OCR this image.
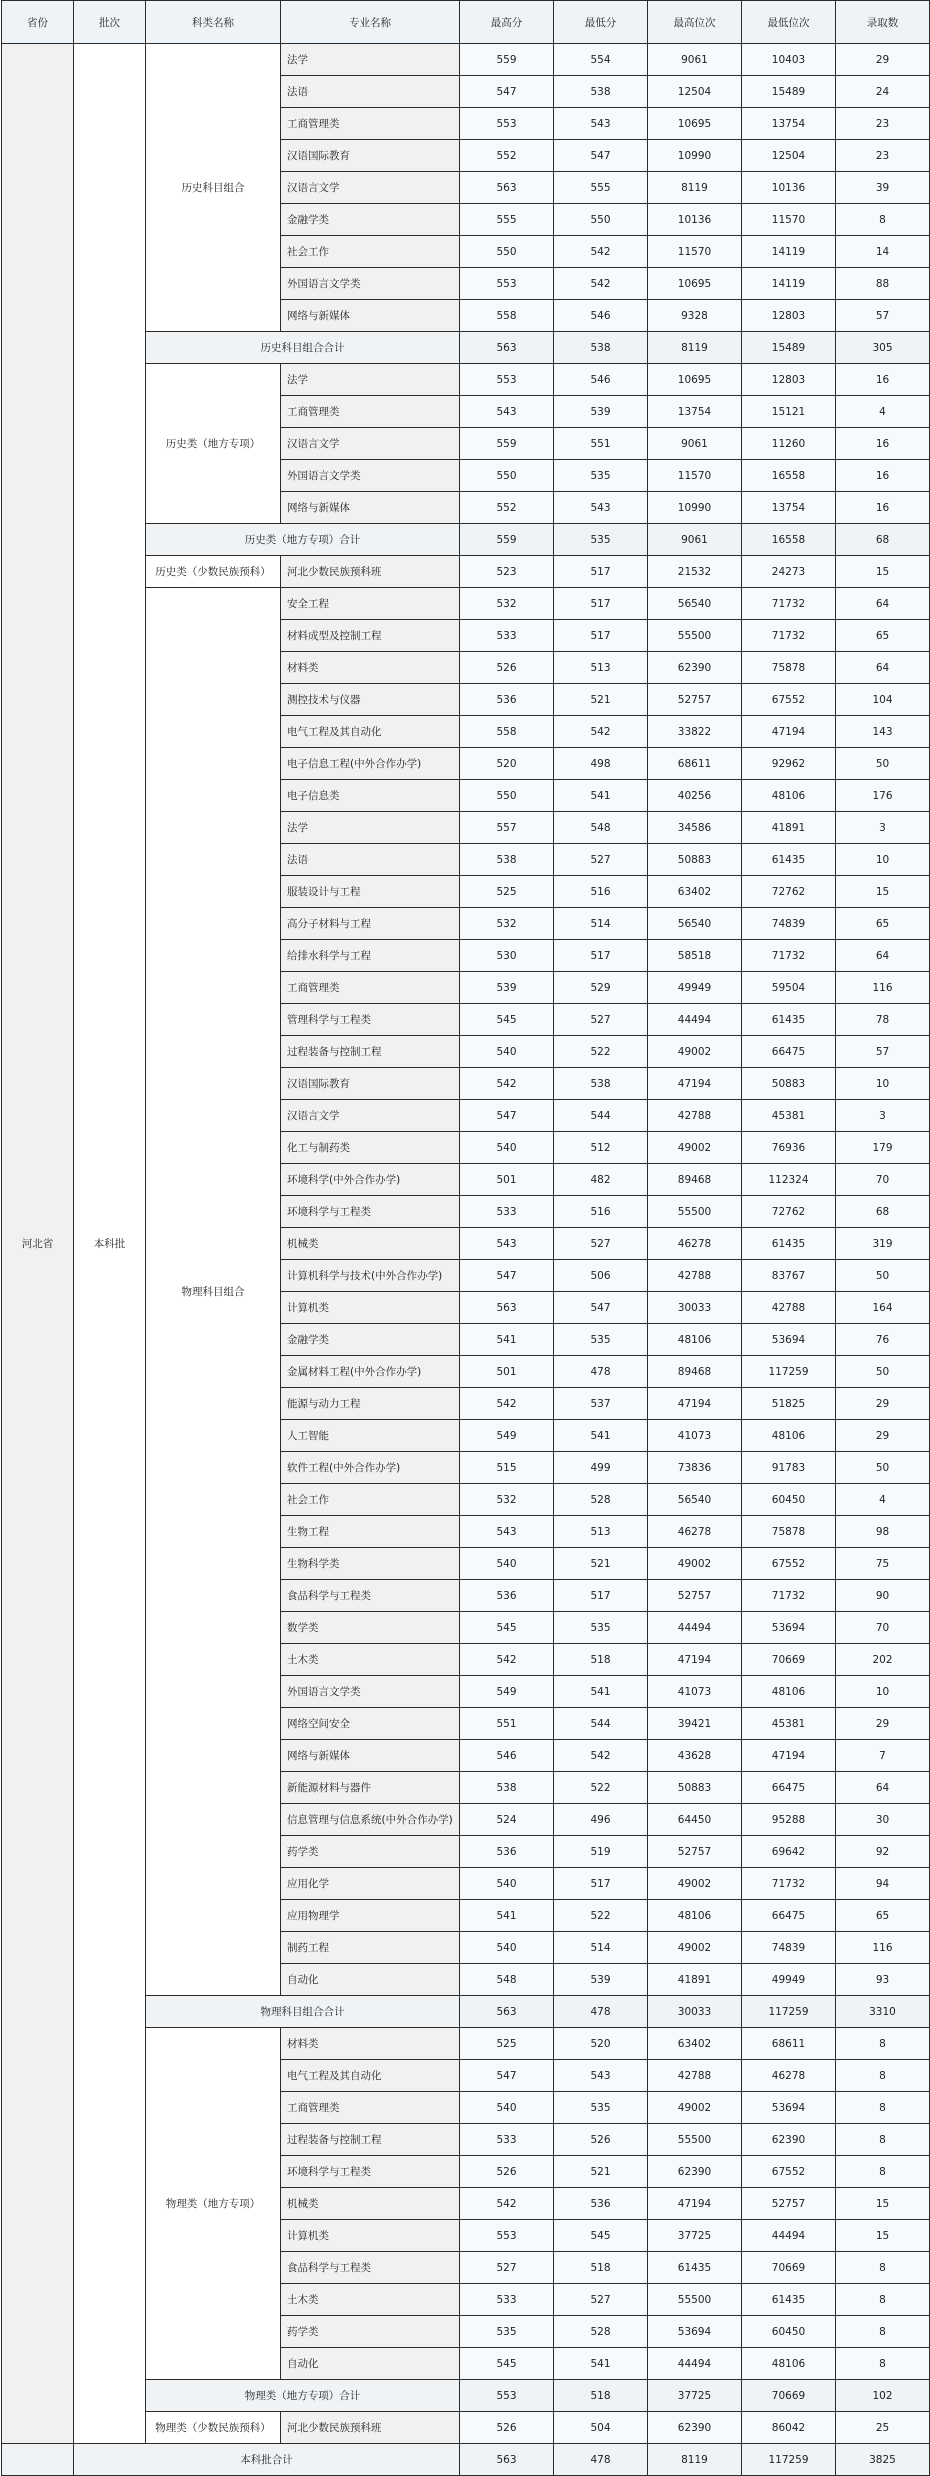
省份	批次	科类名称	专业名称	最高分	最低分	最高位次	最低位次	录取数
河北省	本科批	历史科目组合	法学	559	554	9061	10403	29
			法语	547	538	12504	15489	24
			工商管理类	553	543	10695	13754	23
			汉语国际教育	552	547	10990	12504	23
			汉语言文学	563	555	8119	10136	39
			金融学类	555	550	10136	11570	8
			社会工作	550	542	11570	14119	14
			外国语言文学类	553	542	10695	14119	88
			网络与新媒体	558	546	9328	12803	57
		历史科目组合合计		563	538	8119	15489	305
		历史类（地方专项）	法学	553	546	10695	12803	16
			工商管理类	543	539	13754	15121	4
			汉语言文学	559	551	9061	11260	16
			外国语言文学类	550	535	11570	16558	16
			网络与新媒体	552	543	10990	13754	16
		历史类（地方专项）合计		559	535	9061	16558	68
		历史类（少数民族预科）	河北少数民族预科班	523	517	21532	24273	15
		物理科目组合	安全工程	532	517	56540	71732	64
			材料成型及控制工程	533	517	55500	71732	65
			材料类	526	513	62390	75878	64
			测控技术与仪器	536	521	52757	67552	104
			电气工程及其自动化	558	542	33822	47194	143
			电子信息工程(中外合作办学)	520	498	68611	92962	50
			电子信息类	550	541	40256	48106	176
			法学	557	548	34586	41891	3
			法语	538	527	50883	61435	10
			服装设计与工程	525	516	63402	72762	15
			高分子材料与工程	532	514	56540	74839	65
			给排水科学与工程	530	517	58518	71732	64
			工商管理类	539	529	49949	59504	116
			管理科学与工程类	545	527	44494	61435	78
			过程装备与控制工程	540	522	49002	66475	57
			汉语国际教育	542	538	47194	50883	10
			汉语言文学	547	544	42788	45381	3
			化工与制药类	540	512	49002	76936	179
			环境科学(中外合作办学)	501	482	89468	112324	70
			环境科学与工程类	533	516	55500	72762	68
			机械类	543	527	46278	61435	319
			计算机科学与技术(中外合作办学)	547	506	42788	83767	50
			计算机类	563	547	30033	42788	164
			金融学类	541	535	48106	53694	76
			金属材料工程(中外合作办学)	501	478	89468	117259	50
			能源与动力工程	542	537	47194	51825	29
			人工智能	549	541	41073	48106	29
			软件工程(中外合作办学)	515	499	73836	91783	50
			社会工作	532	528	56540	60450	4
			生物工程	543	513	46278	75878	98
			生物科学类	540	521	49002	67552	75
			食品科学与工程类	536	517	52757	71732	90
			数学类	545	535	44494	53694	70
			土木类	542	518	47194	70669	202
			外国语言文学类	549	541	41073	48106	10
			网络空间安全	551	544	39421	45381	29
			网络与新媒体	546	542	43628	47194	7
			新能源材料与器件	538	522	50883	66475	64
			信息管理与信息系统(中外合作办学)	524	496	64450	95288	30
			药学类	536	519	52757	69642	92
			应用化学	540	517	49002	71732	94
			应用物理学	541	522	48106	66475	65
			制药工程	540	514	49002	74839	116
			自动化	548	539	41891	49949	93
		物理科目组合合计		563	478	30033	117259	3310
		物理类（地方专项）	材料类	525	520	63402	68611	8
			电气工程及其自动化	547	543	42788	46278	8
			工商管理类	540	535	49002	53694	8
			过程装备与控制工程	533	526	55500	62390	8
			环境科学与工程类	526	521	62390	67552	8
			机械类	542	536	47194	52757	15
			计算机类	553	545	37725	44494	15
			食品科学与工程类	527	518	61435	70669	8
			土木类	533	527	55500	61435	8
			药学类	535	528	53694	60450	8
			自动化	545	541	44494	48106	8
		物理类（地方专项）合计		553	518	37725	70669	102
		物理类（少数民族预科）	河北少数民族预科班	526	504	62390	86042	25
	本科批合计			563	478	8119	117259	3825
